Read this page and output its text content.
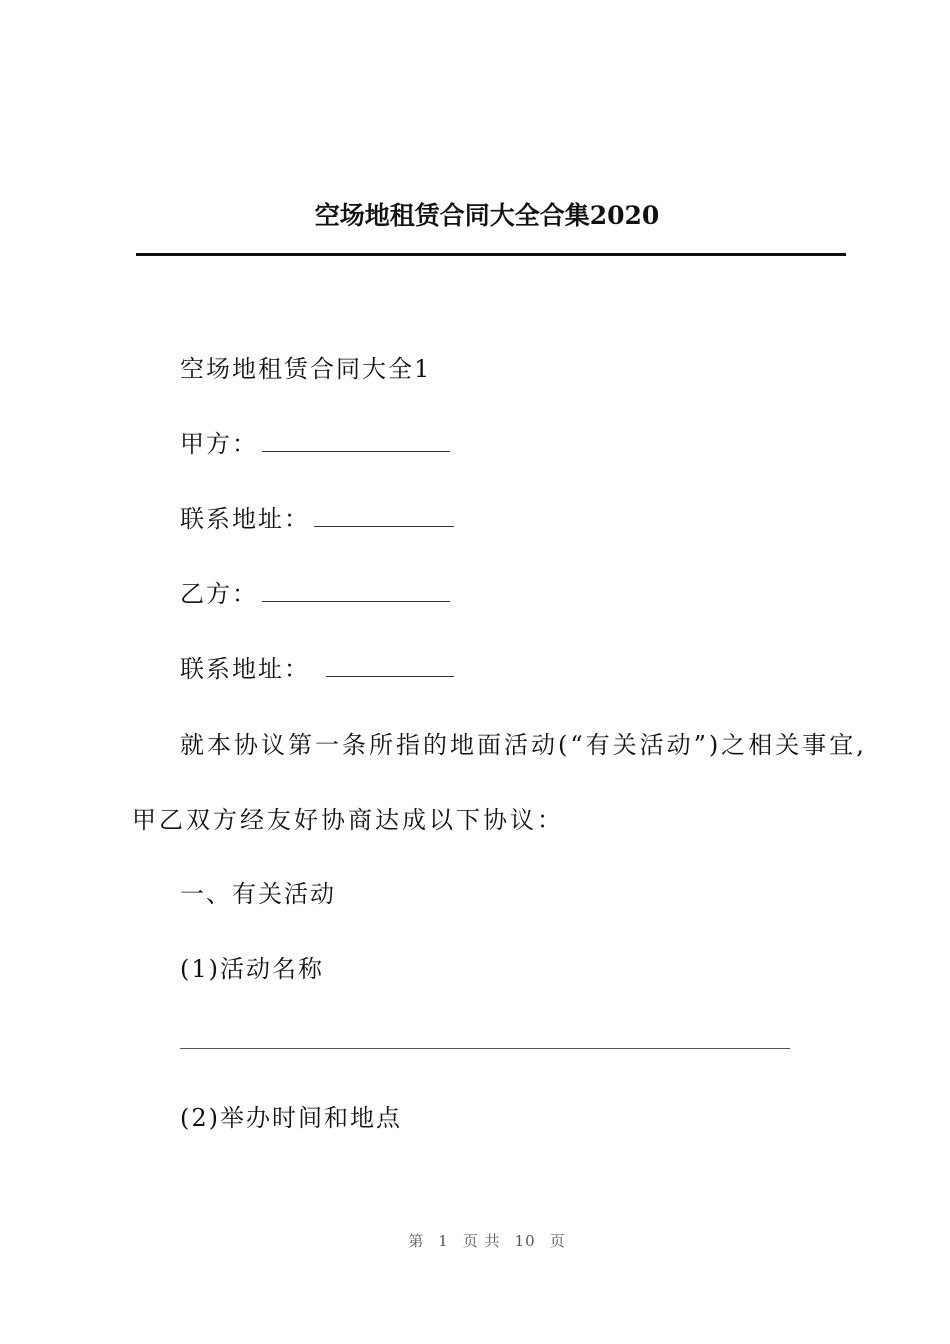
空场地租赁合同大全合集2020
空场地租赁合同大全1
甲方：
联系地址：
乙方：
联系地址：
就本协议第一条所指的地面活动(“有关活动”)之相关事宜,
甲乙双方经友好协商达成以下协议：
一、有关活动
(1)活动名称
(2)举办时间和地点
第 1 页 共 10 页
